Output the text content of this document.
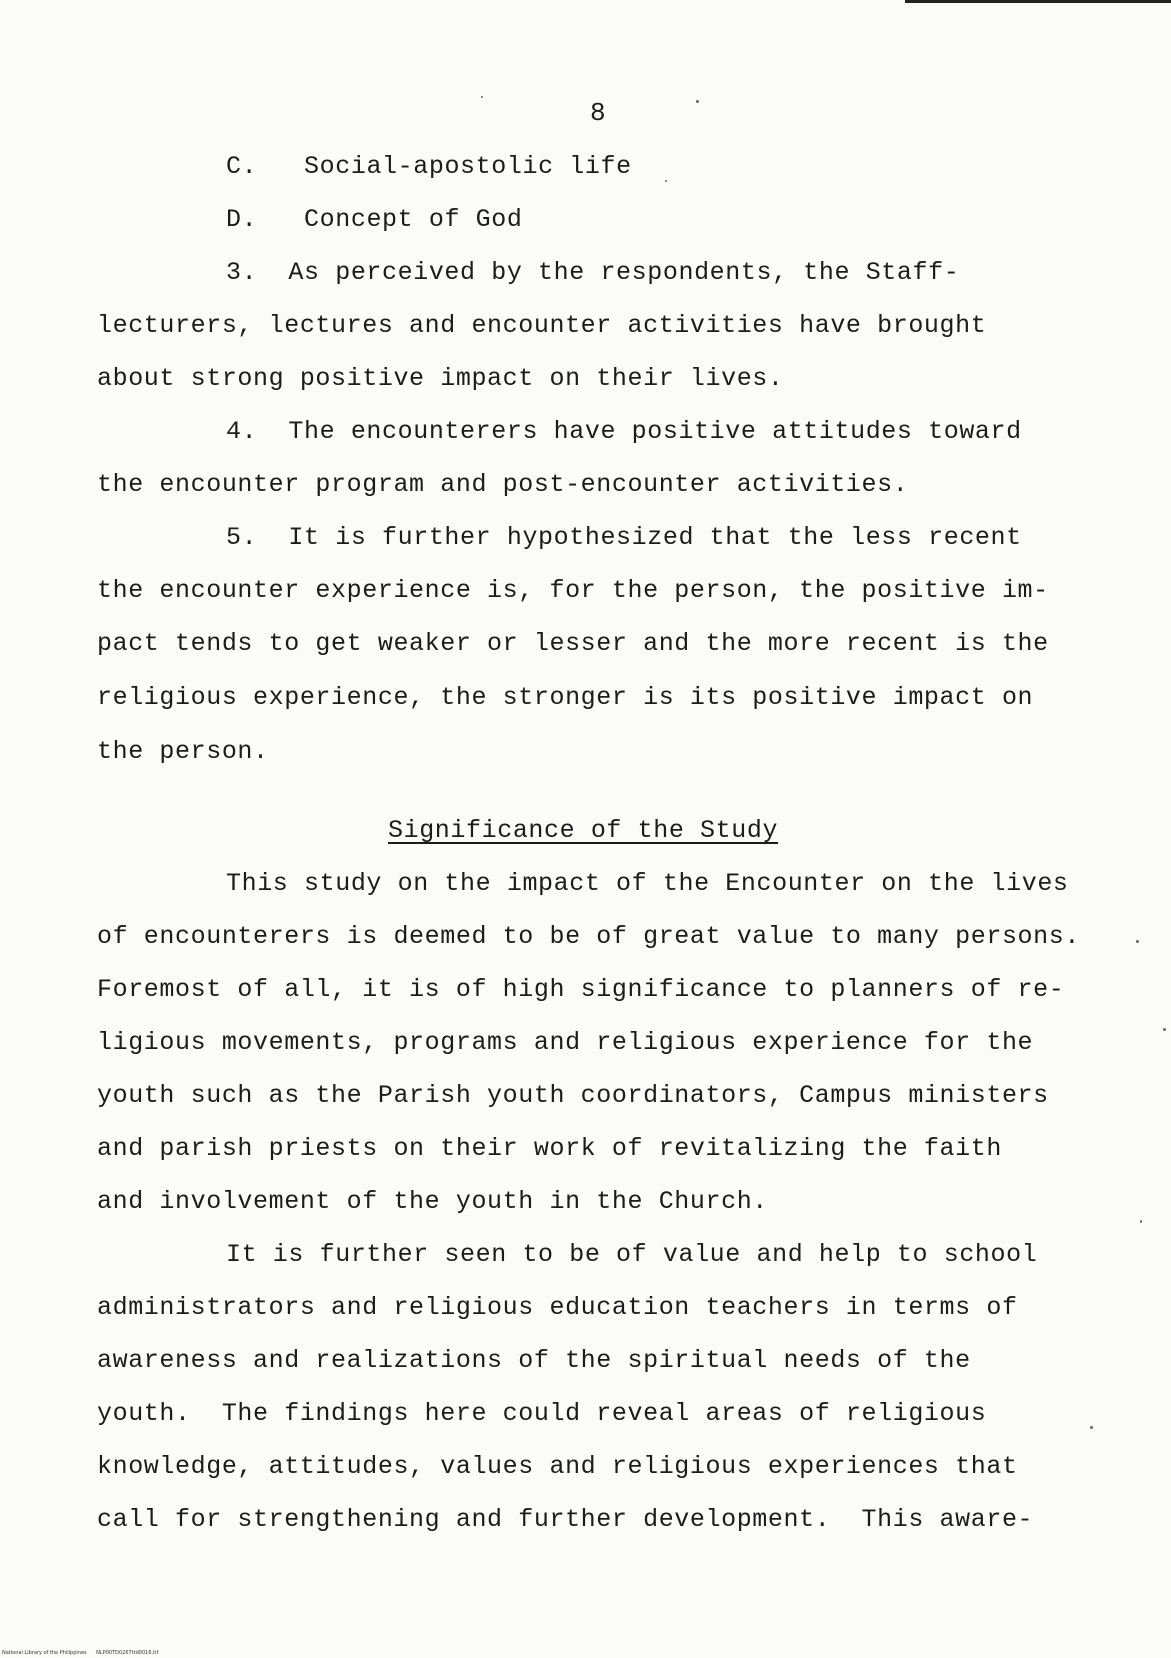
8
C. Social-apostolic life
D. Concept of God
3.  As perceived by the respondents, the Staff-
lecturers, lectures and encounter activities have brought
about strong positive impact on their lives.
4.  The encounterers have positive attitudes toward
the encounter program and post-encounter activities.
5.  It is further hypothesized that the less recent
the encounter experience is, for the person, the positive im-
pact tends to get weaker or lesser and the more recent is the
religious experience, the stronger is its positive impact on
the person.
Significance of the Study
This study on the impact of the Encounter on the lives
of encounterers is deemed to be of great value to many persons.
Foremost of all, it is of high significance to planners of re-
ligious movements, programs and religious experience for the
youth such as the Parish youth coordinators, Campus ministers
and parish priests on their work of revitalizing the faith
and involvement of the youth in the Church.
It is further seen to be of value and help to school
administrators and religious education teachers in terms of
awareness and realizations of the spiritual needs of the
youth.  The findings here could reveal areas of religious
knowledge, attitudes, values and religious experiences that
call for strengthening and further development.  This aware-
National Library of the Philippines      NLP00TD0267ttd0016.tif
